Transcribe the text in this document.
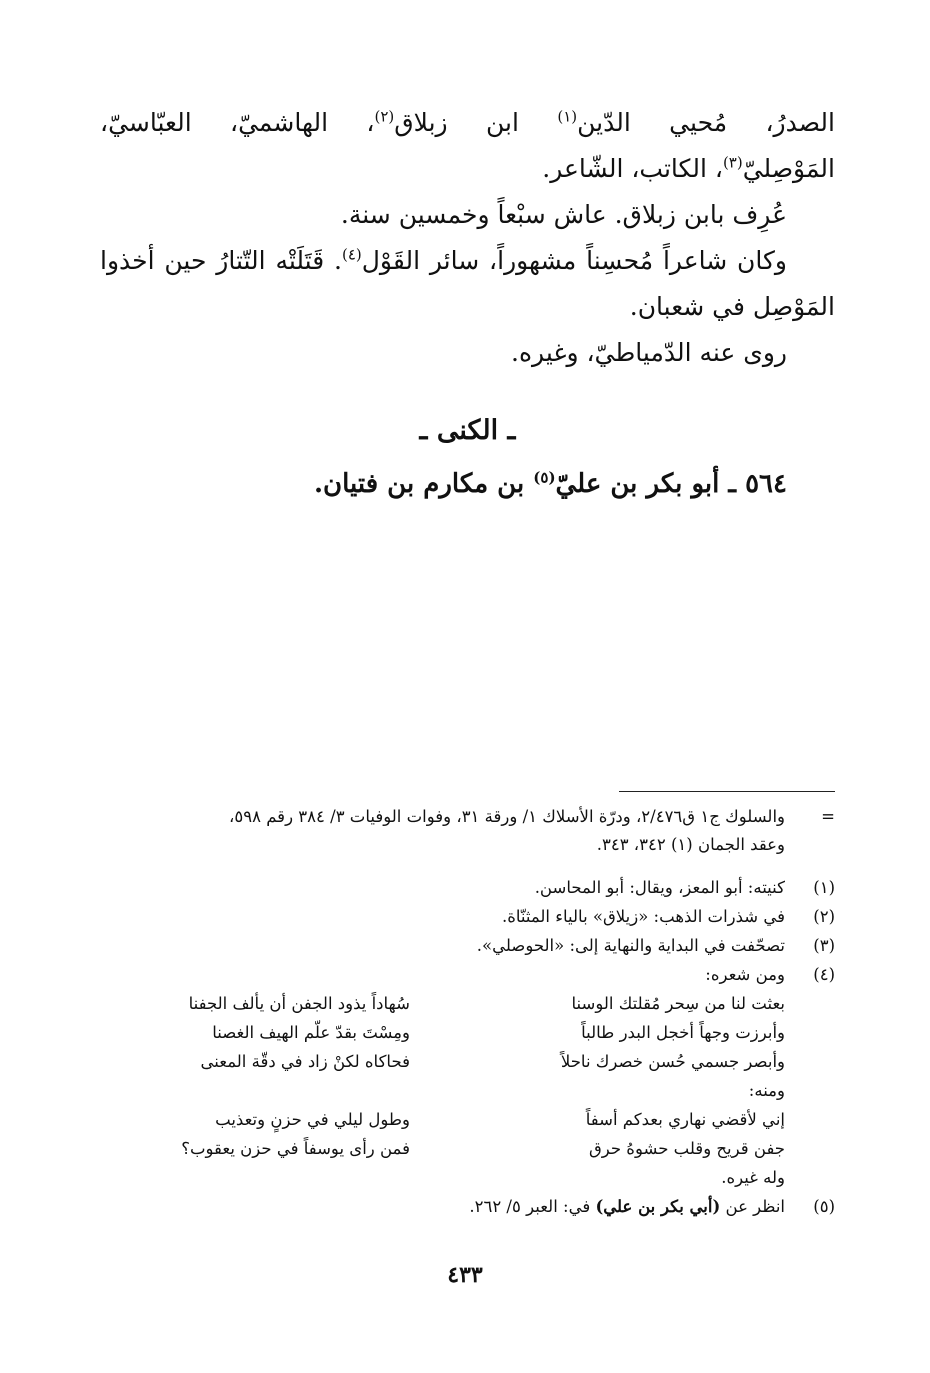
الصدرُ، مُحيي الدّين$^{(١)}$ ابن زبلاق$^{(٢)}$، الهاشميّ، العبّاسيّ،
المَوْصِليّ$^{(٣)}$، الكاتب، الشّاعر.
عُرِف بابن زبلاق. عاش سبْعاً وخمسين سنة.
وكان شاعراً مُحسِناً مشهوراً، سائر القَوْل$^{(٤)}$. قَتَلَتْه التّتارُ حين أخذوا
المَوْصِل في شعبان.
روى عنه الدّمياطيّ، وغيره.
ـ الكنى ـ
٥٦٤ ـ أبو بكر بن عليّ$^{(٥)}$ بن مكارم بن فتيان.
=
والسلوك ج١ ق٢/٤٧٦، ودرّة الأسلاك ١/ ورقة ٣١، وفوات الوفيات ٣/ ٣٨٤ رقم ٥٩٨،
وعقد الجمان (١) ٣٤٢، ٣٤٣.
(١)
كنيته: أبو المعز، ويقال: أبو المحاسن.
(٢)
في شذرات الذهب: «زيلاق» بالياء المثنّاة.
(٣)
تصحّفت في البداية والنهاية إلى: «الحوصلي».
(٤)
ومن شعره:
بعثت لنا من سِحر مُقلتك الوسنا
سُهاداً يذود الجفن أن يألف الجفنا
وأبرزت وجهاً أخجل البدر طالباً
ومِسْتَ بقدّ علّم الهيف الغصنا
وأبصر جسمي حُسن خصرك ناحلاً
فحاكاه لكنْ زاد في دقّة المعنى
ومنه:
إني لأقضي نهاري بعدكم أسفاً
وطول ليلي في حزنٍ وتعذيب
جفن قريح وقلب حشوهُ حرق
فمن رأى يوسفاً في حزن يعقوب؟
وله غيره.
(٥)
انظر عن (أبي بكر بن علي) في: العبر ٥/ ٢٦٢.
٤٣٣
